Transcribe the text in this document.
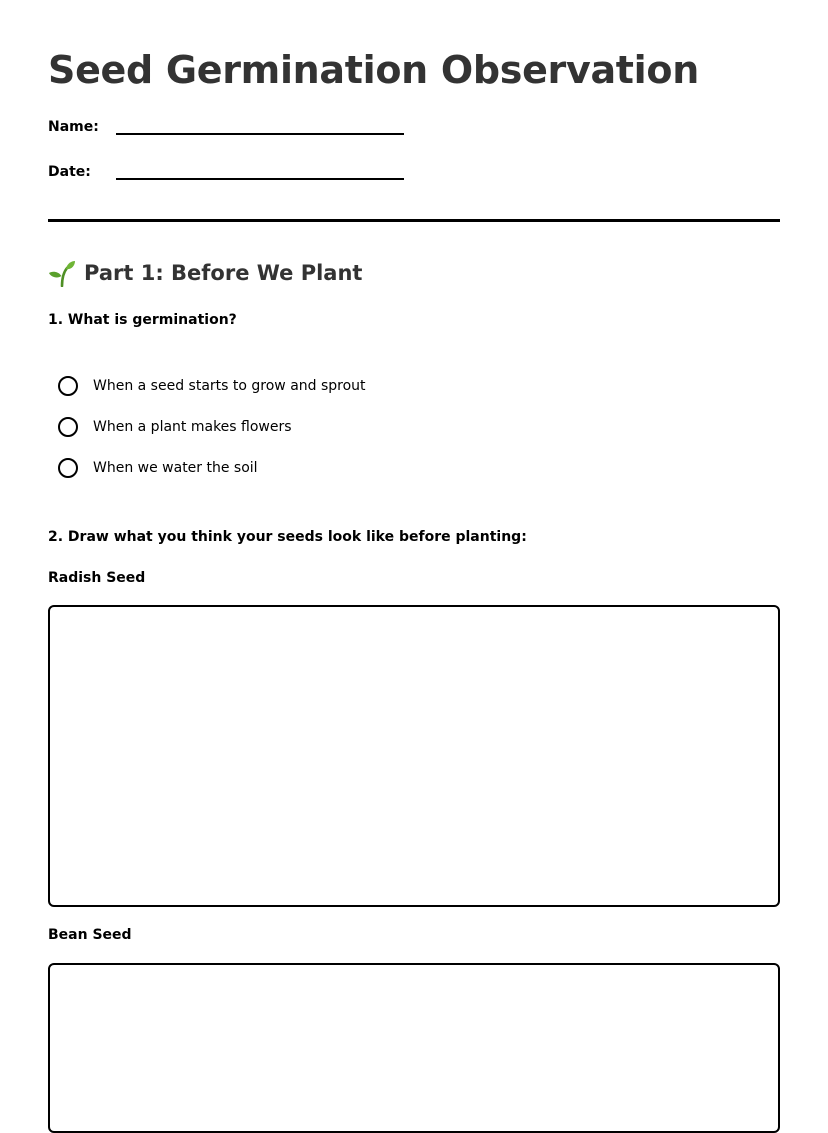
Seed Germination Observation
Name:
Date:
Part 1: Before We Plant
1. What is germination?
When a seed starts to grow and sprout
When a plant makes flowers
When we water the soil
2. Draw what you think your seeds look like before planting:
Radish Seed
Bean Seed
